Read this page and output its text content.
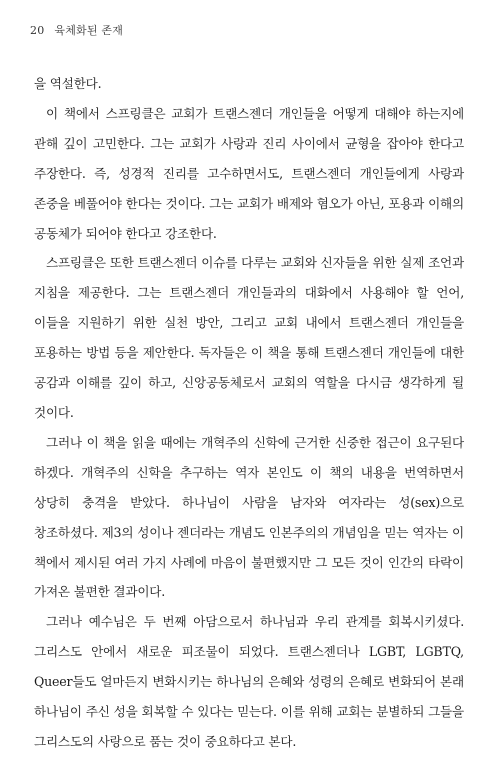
20 육체화된 존재

을 역설한다.

이 책에서 스프링클은 교회가 트랜스젠더 개인들을 어떻게 대해야 하는지에 관해 깊이 고민한다. 그는 교회가 사랑과 진리 사이에서 균형을 잡아야 한다고 주장한다. 즉, 성경적 진리를 고수하면서도, 트랜스젠더 개인들에게 사랑과 존중을 베풀어야 한다는 것이다. 그는 교회가 배제와 혐오가 아닌, 포용과 이해의 공동체가 되어야 한다고 강조한다.

스프링클은 또한 트랜스젠더 이슈를 다루는 교회와 신자들을 위한 실제 조언과 지침을 제공한다. 그는 트랜스젠더 개인들과의 대화에서 사용해야 할 언어, 이들을 지원하기 위한 실천 방안, 그리고 교회 내에서 트랜스젠더 개인들을 포용하는 방법 등을 제안한다. 독자들은 이 책을 통해 트랜스젠더 개인들에 대한 공감과 이해를 깊이 하고, 신앙공동체로서 교회의 역할을 다시금 생각하게 될 것이다.

그러나 이 책을 읽을 때에는 개혁주의 신학에 근거한 신중한 접근이 요구된다 하겠다. 개혁주의 신학을 추구하는 역자 본인도 이 책의 내용을 번역하면서 상당히 충격을 받았다. 하나님이 사람을 남자와 여자라는 성(sex)으로 창조하셨다. 제3의 성이나 젠더라는 개념도 인본주의의 개념임을 믿는 역자는 이 책에서 제시된 여러 가지 사례에 마음이 불편했지만 그 모든 것이 인간의 타락이 가져온 불편한 결과이다.

그러나 예수님은 두 번째 아담으로서 하나님과 우리 관계를 회복시키셨다. 그리스도 안에서 새로운 피조물이 되었다. 트랜스젠더나 LGBT, LGBTQ, Queer들도 얼마든지 변화시키는 하나님의 은혜와 성령의 은혜로 변화되어 본래 하나님이 주신 성을 회복할 수 있다는 믿는다. 이를 위해 교회는 분별하되 그들을 그리스도의 사랑으로 품는 것이 중요하다고 본다.
